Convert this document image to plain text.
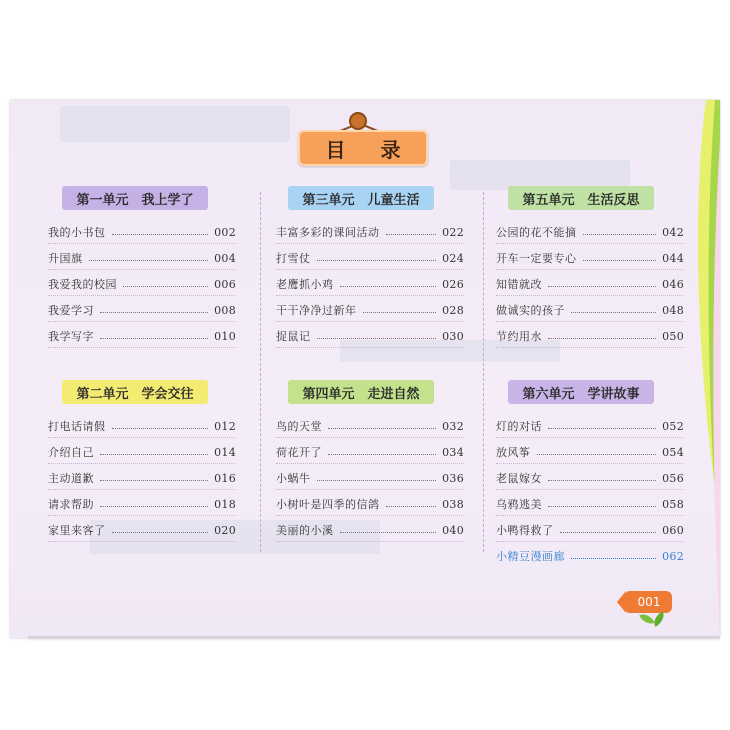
目 录
第一单元　我上学了
我的小书包	002
升国旗	004
我爱我的校园	006
我爱学习	008
我学写字	010
第三单元　儿童生活
丰富多彩的课间活动	022
打雪仗	024
老鹰抓小鸡	026
干干净净过新年	028
捉鼠记	030
第五单元　生活反思
公园的花不能摘	042
开车一定要专心	044
知错就改	046
做诚实的孩子	048
节约用水	050
第二单元　学会交往
打电话请假	012
介绍自己	014
主动道歉	016
请求帮助	018
家里来客了	020
第四单元　走进自然
鸟的天堂	032
荷花开了	034
小蜗牛	036
小树叶是四季的信鸽	038
美丽的小溪	040
第六单元　学讲故事
灯的对话	052
放风筝	054
老鼠嫁女	056
乌鸦逃美	058
小鸭得救了	060
小精豆漫画廊	062
001
